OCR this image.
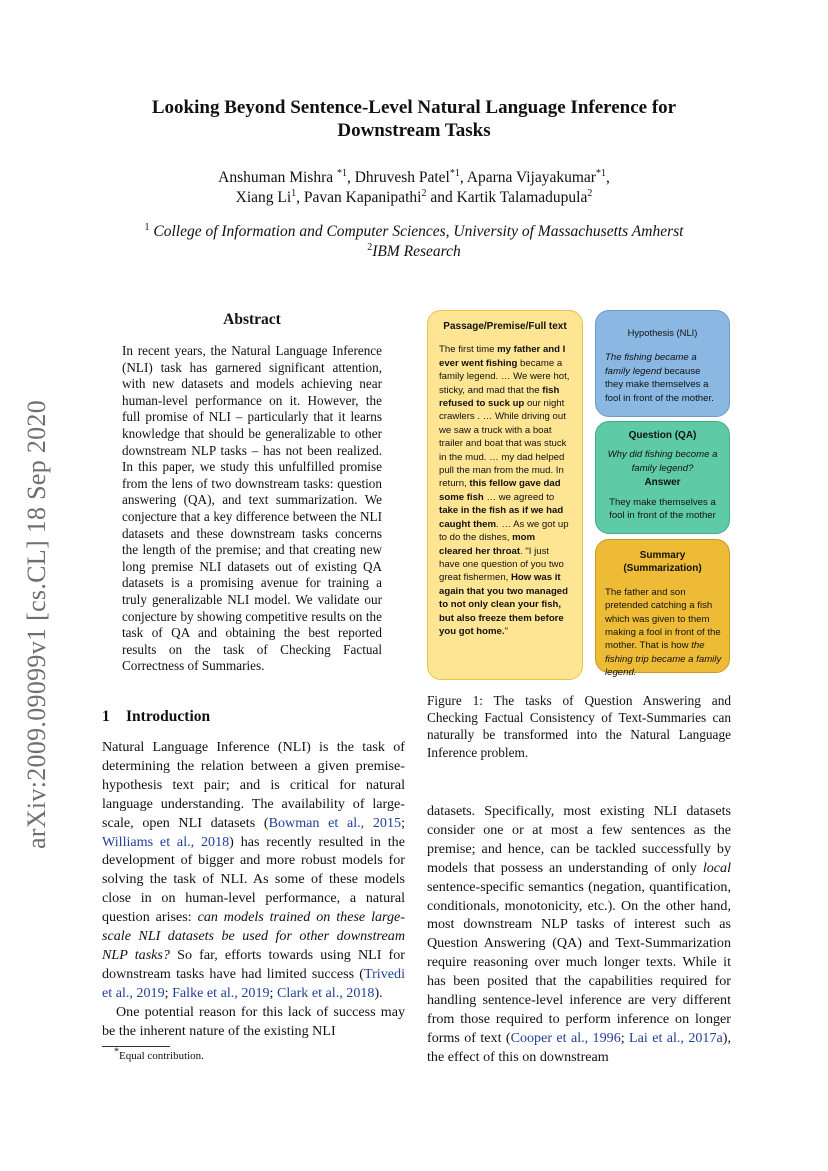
arXiv:2009.09099v1 [cs.CL] 18 Sep 2020
Looking Beyond Sentence-Level Natural Language Inference for
Downstream Tasks
Anshuman Mishra $^{*1}$, Dhruvesh Patel$^{*1}$, Aparna Vijayakumar$^{*1}$,
Xiang Li$^1$, Pavan Kapanipathi$^2$ and Kartik Talamadupula$^2$
$^1$ College of Information and Computer Sciences, University of Massachusetts Amherst
$^2$IBM Research
Abstract
In recent years, the Natural Language Inference (NLI) task has garnered significant attention, with new datasets and models achieving near human-level performance on it. However, the full promise of NLI – particularly that it learns knowledge that should be generalizable to other downstream NLP tasks – has not been realized. In this paper, we study this unfulfilled promise from the lens of two downstream tasks: question answering (QA), and text summarization. We conjecture that a key difference between the NLI datasets and these downstream tasks concerns the length of the premise; and that creating new long premise NLI datasets out of existing QA datasets is a promising avenue for training a truly generalizable NLI model. We validate our conjecture by showing competitive results on the task of QA and obtaining the best reported results on the task of Checking Factual Correctness of Summaries.
1 Introduction

Natural Language Inference (NLI) is the task of determining the relation between a given premise-hypothesis text pair; and is critical for natural language understanding. The availability of large-scale, open NLI datasets (Bowman et al., 2015; Williams et al., 2018) has recently resulted in the development of bigger and more robust models for solving the task of NLI. As some of these models close in on human-level performance, a natural question arises: can models trained on these large-scale NLI datasets be used for other downstream NLP tasks? So far, efforts towards using NLI for downstream tasks have had limited success (Trivedi et al., 2019; Falke et al., 2019; Clark et al., 2018).

One potential reason for this lack of success may be the inherent nature of the existing NLI

*Equal contribution.
Passage/Premise/Full text
The first time my father and I ever went fishing became a family legend. … We were hot, sticky, and mad that the fish refused to suck up our night crawlers . … While driving out we saw a truck with a boat trailer and boat that was stuck in the mud. … my dad helped pull the man from the mud. In return, this fellow gave dad some fish … we agreed to take in the fish as if we had caught them. … As we got up to do the dishes, mom cleared her throat. "I just have one question of you two great fishermen, How was it again that you two managed to not only clean your fish, but also freeze them before you got home."
Hypothesis (NLI)
The fishing became a family legend because they make themselves a fool in front of the mother.
Question (QA)
Why did fishing become a family legend?
Answer
They make themselves a fool in front of the mother
Summary (Summarization)
The father and son pretended catching a fish which was given to them making a fool in front of the mother. That is how the fishing trip became a family legend.
Figure 1: The tasks of Question Answering and Checking Factual Consistency of Text-Summaries can naturally be transformed into the Natural Language Inference problem.

datasets. Specifically, most existing NLI datasets consider one or at most a few sentences as the premise; and hence, can be tackled successfully by models that possess an understanding of only local sentence-specific semantics (negation, quantification, conditionals, monotonicity, etc.). On the other hand, most downstream NLP tasks of interest such as Question Answering (QA) and Text-Summarization require reasoning over much longer texts. While it has been posited that the capabilities required for handling sentence-level inference are very different from those required to perform inference on longer forms of text (Cooper et al., 1996; Lai et al., 2017a), the effect of this on downstream
